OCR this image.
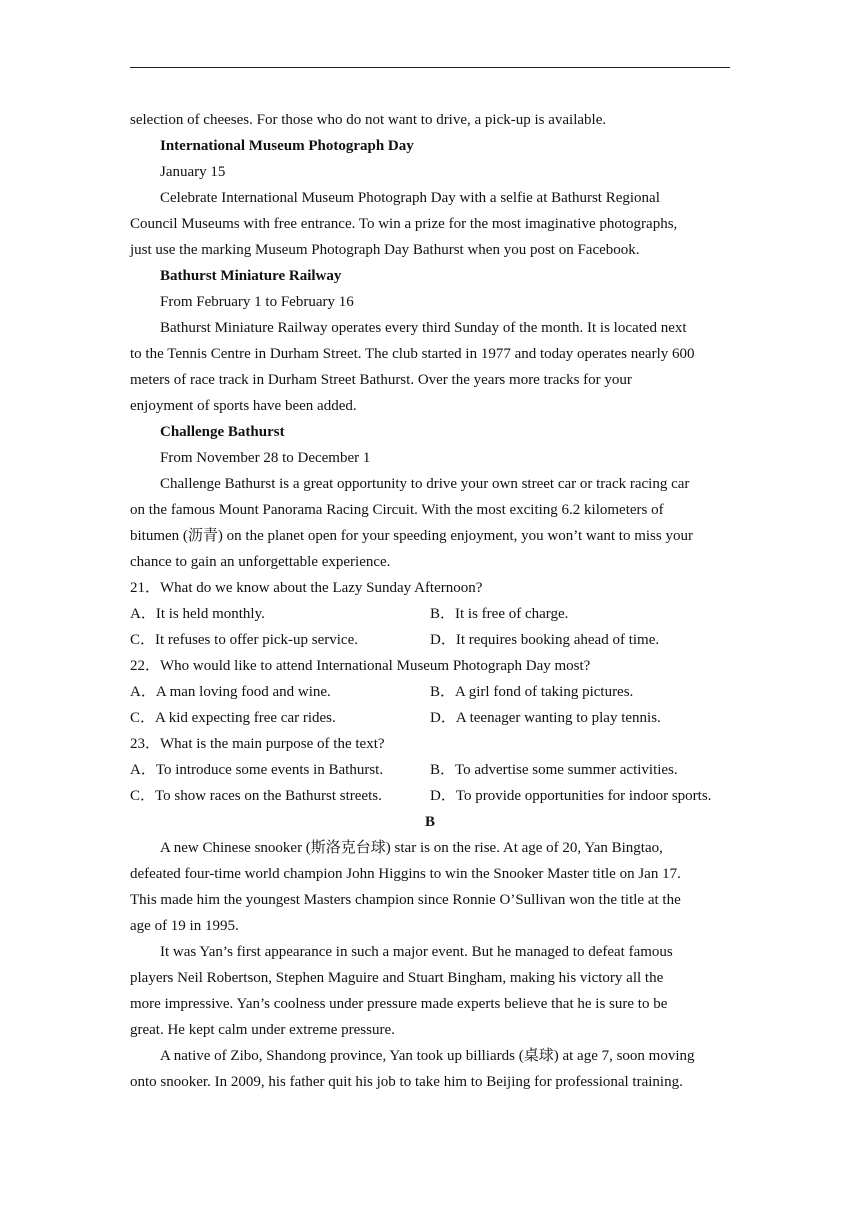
selection of cheeses. For those who do not want to drive, a pick-up is available.

International Museum Photograph Day

January 15

Celebrate International Museum Photograph Day with a selfie at Bathurst Regional

Council Museums with free entrance. To win a prize for the most imaginative photographs,

just use the marking Museum Photograph Day Bathurst when you post on Facebook.

Bathurst Miniature Railway

From February 1 to February 16

Bathurst Miniature Railway operates every third Sunday of the month. It is located next

to the Tennis Centre in Durham Street. The club started in 1977 and today operates nearly 600

meters of race track in Durham Street Bathurst. Over the years more tracks for your

enjoyment of sports have been added.

Challenge Bathurst

From November 28 to December 1

Challenge Bathurst is a great opportunity to drive your own street car or track racing car

on the famous Mount Panorama Racing Circuit. With the most exciting 6.2 kilometers of

bitumen (沥青) on the planet open for your speeding enjoyment, you won’t want to miss your

chance to gain an unforgettable experience.

21．What do we know about the Lazy Sunday Afternoon?

A．It is held monthly.	B．It is free of charge.
C．It refuses to offer pick-up service.	D．It requires booking ahead of time.

22．Who would like to attend International Museum Photograph Day most?

A．A man loving food and wine.	B．A girl fond of taking pictures.
C．A kid expecting free car rides.	D．A teenager wanting to play tennis.

23．What is the main purpose of the text?

A．To introduce some events in Bathurst.	B．To advertise some summer activities.
C．To show races on the Bathurst streets.	D．To provide opportunities for indoor sports.

B

A new Chinese snooker (斯洛克台球) star is on the rise. At age of 20, Yan Bingtao,

defeated four-time world champion John Higgins to win the Snooker Master title on Jan 17.

This made him the youngest Masters champion since Ronnie O’Sullivan won the title at the

age of 19 in 1995.

It was Yan’s first appearance in such a major event. But he managed to defeat famous

players Neil Robertson, Stephen Maguire and Stuart Bingham, making his victory all the

more impressive. Yan’s coolness under pressure made experts believe that he is sure to be

great. He kept calm under extreme pressure.

A native of Zibo, Shandong province, Yan took up billiards (桌球) at age 7, soon moving

onto snooker. In 2009, his father quit his job to take him to Beijing for professional training.
